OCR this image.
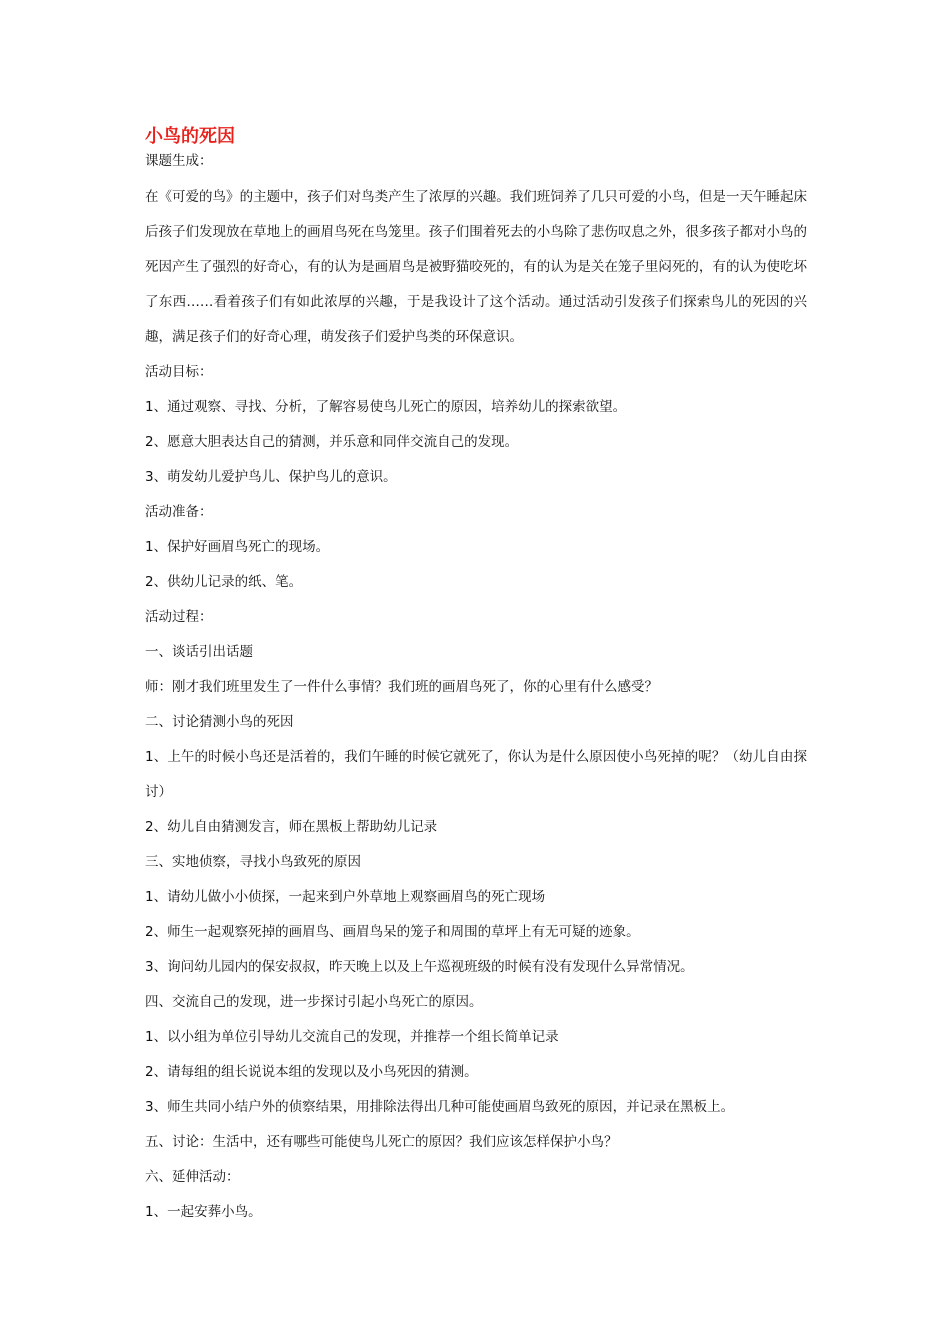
小鸟的死因

课题生成：

在《可爱的鸟》的主题中，孩子们对鸟类产生了浓厚的兴趣。我们班饲养了几只可爱的小鸟，但是一天午睡起床后孩子们发现放在草地上的画眉鸟死在鸟笼里。孩子们围着死去的小鸟除了悲伤叹息之外，很多孩子都对小鸟的死因产生了强烈的好奇心，有的认为是画眉鸟是被野猫咬死的，有的认为是关在笼子里闷死的，有的认为使吃坏了东西……看着孩子们有如此浓厚的兴趣，于是我设计了这个活动。通过活动引发孩子们探索鸟儿的死因的兴趣，满足孩子们的好奇心理，萌发孩子们爱护鸟类的环保意识。

活动目标：

1、通过观察、寻找、分析，了解容易使鸟儿死亡的原因，培养幼儿的探索欲望。

2、愿意大胆表达自己的猜测，并乐意和同伴交流自己的发现。

3、萌发幼儿爱护鸟儿、保护鸟儿的意识。

活动准备：

1、保护好画眉鸟死亡的现场。

2、供幼儿记录的纸、笔。

活动过程：

一、谈话引出话题

师：刚才我们班里发生了一件什么事情？我们班的画眉鸟死了，你的心里有什么感受？

二、讨论猜测小鸟的死因

1、上午的时候小鸟还是活着的，我们午睡的时候它就死了，你认为是什么原因使小鸟死掉的呢？（幼儿自由探讨）

2、幼儿自由猜测发言，师在黑板上帮助幼儿记录

三、实地侦察，寻找小鸟致死的原因

1、请幼儿做小小侦探，一起来到户外草地上观察画眉鸟的死亡现场

2、师生一起观察死掉的画眉鸟、画眉鸟呆的笼子和周围的草坪上有无可疑的迹象。

3、询问幼儿园内的保安叔叔，昨天晚上以及上午巡视班级的时候有没有发现什么异常情况。

四、交流自己的发现，进一步探讨引起小鸟死亡的原因。

1、以小组为单位引导幼儿交流自己的发现，并推荐一个组长简单记录

2、请每组的组长说说本组的发现以及小鸟死因的猜测。

3、师生共同小结户外的侦察结果，用排除法得出几种可能使画眉鸟致死的原因，并记录在黑板上。

五、讨论：生活中，还有哪些可能使鸟儿死亡的原因？我们应该怎样保护小鸟？

六、延伸活动：

1、一起安葬小鸟。
